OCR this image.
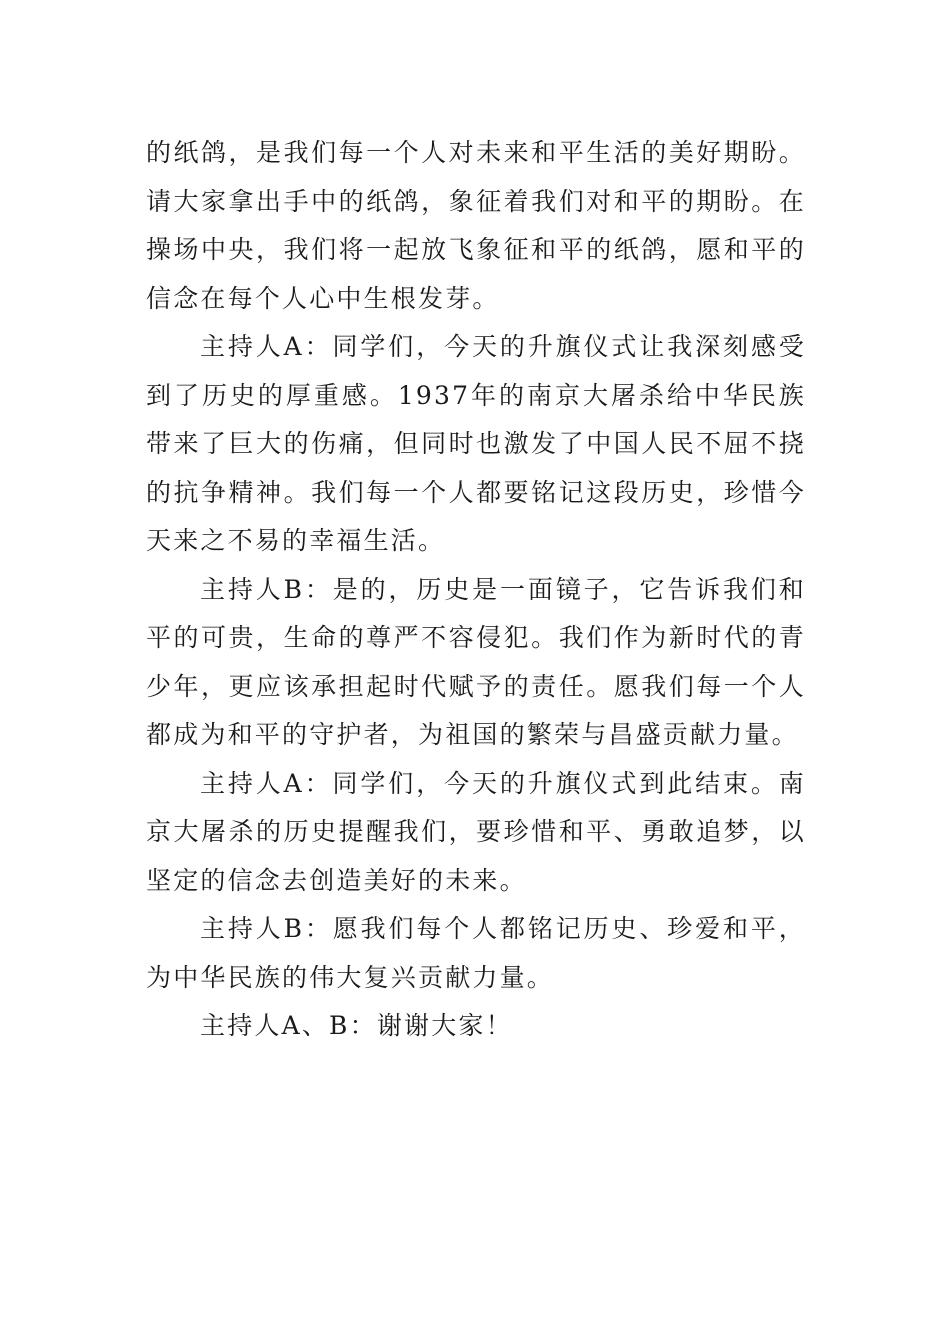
的纸鸽，是我们每一个人对未来和平生活的美好期盼。请大家拿出手中的纸鸽，象征着我们对和平的期盼。在操场中央，我们将一起放飞象征和平的纸鸽，愿和平的信念在每个人心中生根发芽。

主持人A：同学们，今天的升旗仪式让我深刻感受到了历史的厚重感。1937年的南京大屠杀给中华民族带来了巨大的伤痛，但同时也激发了中国人民不屈不挠的抗争精神。我们每一个人都要铭记这段历史，珍惜今天来之不易的幸福生活。

主持人B：是的，历史是一面镜子，它告诉我们和平的可贵，生命的尊严不容侵犯。我们作为新时代的青少年，更应该承担起时代赋予的责任。愿我们每一个人都成为和平的守护者，为祖国的繁荣与昌盛贡献力量。

主持人A：同学们，今天的升旗仪式到此结束。南京大屠杀的历史提醒我们，要珍惜和平、勇敢追梦，以坚定的信念去创造美好的未来。

主持人B：愿我们每个人都铭记历史、珍爱和平，为中华民族的伟大复兴贡献力量。

主持人A、B：谢谢大家！
